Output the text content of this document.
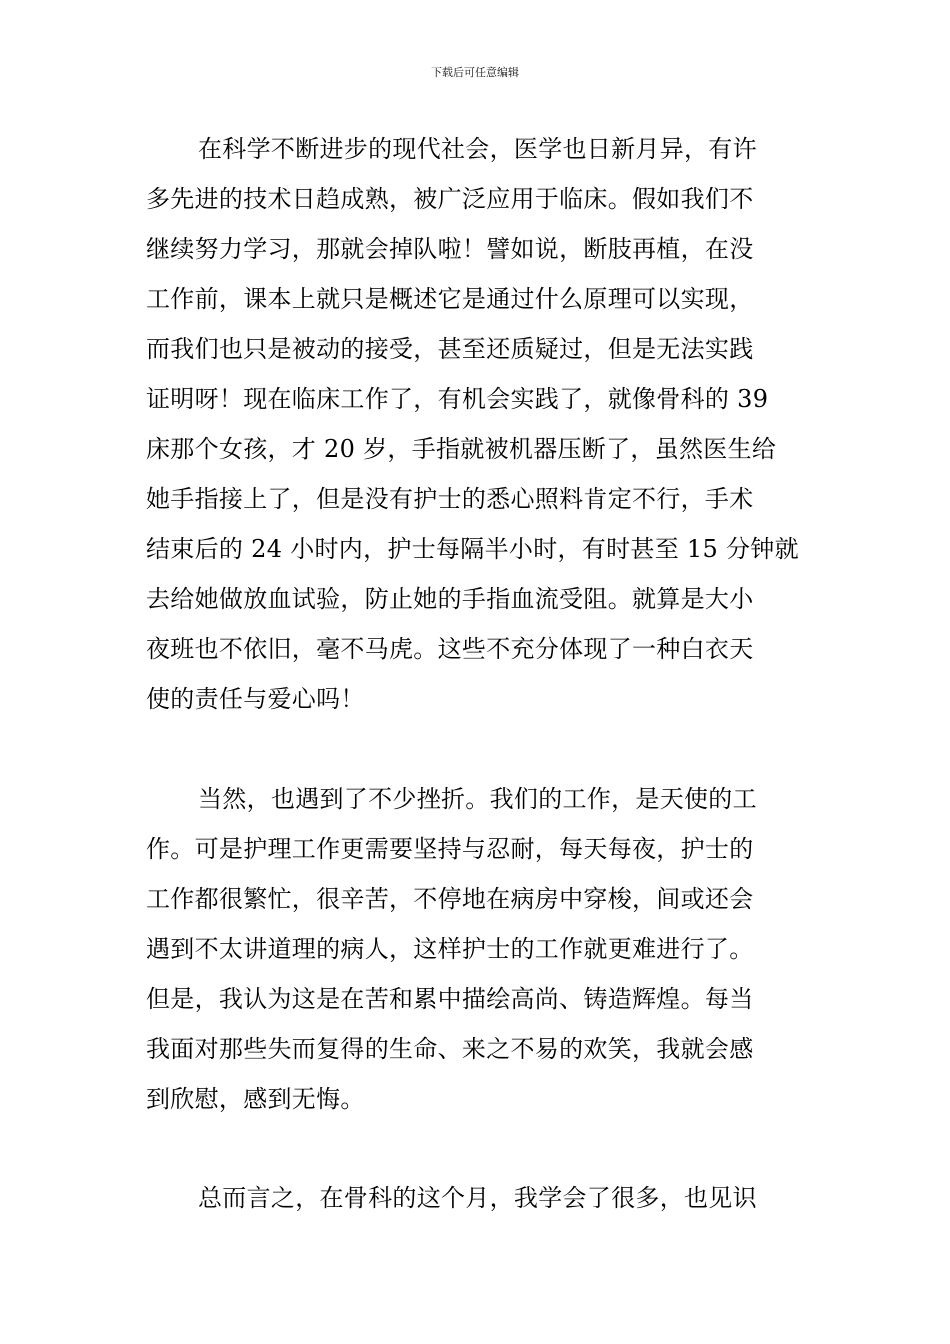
下载后可任意编辑
在科学不断进步的现代社会，医学也日新月异，有许
多先进的技术日趋成熟，被广泛应用于临床。假如我们不
继续努力学习，那就会掉队啦！譬如说，断肢再植，在没
工作前，课本上就只是概述它是通过什么原理可以实现，
而我们也只是被动的接受，甚至还质疑过，但是无法实践
证明呀！现在临床工作了，有机会实践了，就像骨科的 39
床那个女孩，才 20 岁，手指就被机器压断了，虽然医生给
她手指接上了，但是没有护士的悉心照料肯定不行，手术
结束后的 24 小时内，护士每隔半小时，有时甚至 15 分钟就
去给她做放血试验，防止她的手指血流受阻。就算是大小
夜班也不依旧，毫不马虎。这些不充分体现了一种白衣天
使的责任与爱心吗！
当然，也遇到了不少挫折。我们的工作，是天使的工
作。可是护理工作更需要坚持与忍耐，每天每夜，护士的
工作都很繁忙，很辛苦，不停地在病房中穿梭，间或还会
遇到不太讲道理的病人，这样护士的工作就更难进行了。
但是，我认为这是在苦和累中描绘高尚、铸造辉煌。每当
我面对那些失而复得的生命、来之不易的欢笑，我就会感
到欣慰，感到无悔。
总而言之，在骨科的这个月，我学会了很多，也见识
